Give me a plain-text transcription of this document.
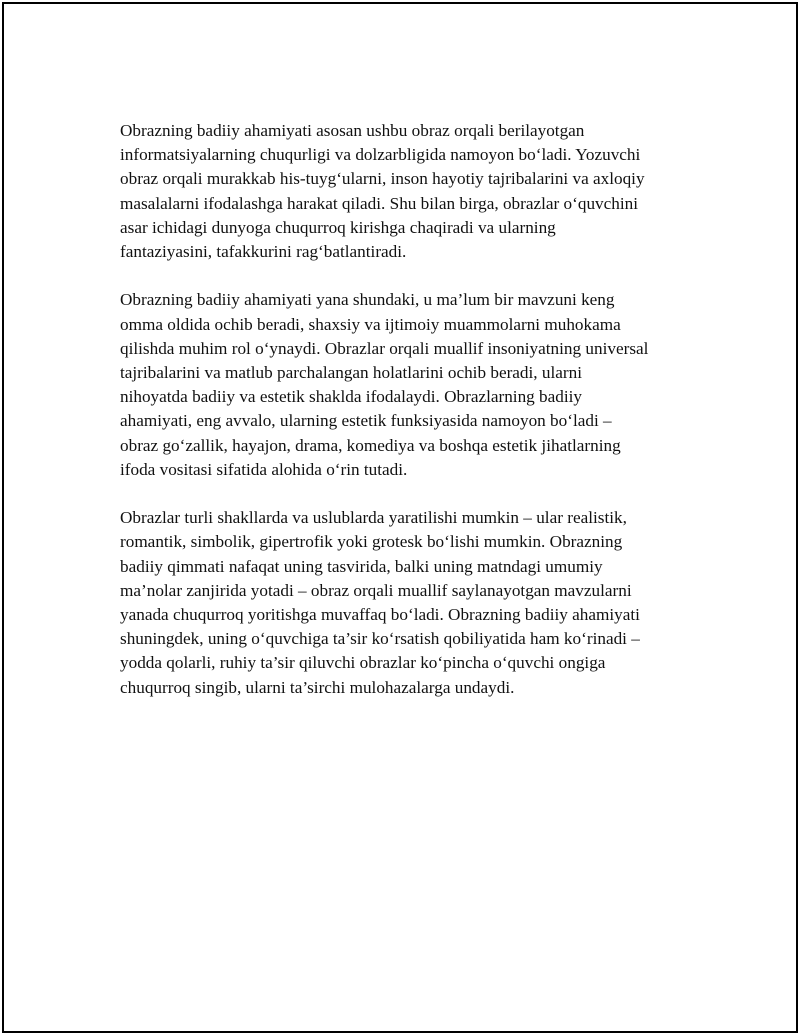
Obrazning badiiy ahamiyati asosan ushbu obraz orqali berilayotgan
informatsiyalarning chuqurligi va dolzarbligida namoyon bo‘ladi. Yozuvchi
obraz orqali murakkab his-tuyg‘ularni, inson hayotiy tajribalarini va axloqiy
masalalarni ifodalashga harakat qiladi. Shu bilan birga, obrazlar o‘quvchini
asar ichidagi dunyoga chuqurroq kirishga chaqiradi va ularning
fantaziyasini, tafakkurini rag‘batlantiradi.

Obrazning badiiy ahamiyati yana shundaki, u ma’lum bir mavzuni keng
omma oldida ochib beradi, shaxsiy va ijtimoiy muammolarni muhokama
qilishda muhim rol o‘ynaydi. Obrazlar orqali muallif insoniyatning universal
tajribalarini va matlub parchalangan holatlarini ochib beradi, ularni
nihoyatda badiiy va estetik shaklda ifodalaydi. Obrazlarning badiiy
ahamiyati, eng avvalo, ularning estetik funksiyasida namoyon bo‘ladi –
obraz go‘zallik, hayajon, drama, komediya va boshqa estetik jihatlarning
ifoda vositasi sifatida alohida o‘rin tutadi.

Obrazlar turli shakllarda va uslublarda yaratilishi mumkin – ular realistik,
romantik, simbolik, gipertrofik yoki grotesk bo‘lishi mumkin. Obrazning
badiiy qimmati nafaqat uning tasvirida, balki uning matndagi umumiy
ma’nolar zanjirida yotadi – obraz orqali muallif saylanayotgan mavzularni
yanada chuqurroq yoritishga muvaffaq bo‘ladi. Obrazning badiiy ahamiyati
shuningdek, uning o‘quvchiga ta’sir ko‘rsatish qobiliyatida ham ko‘rinadi –
yodda qolarli, ruhiy ta’sir qiluvchi obrazlar ko‘pincha o‘quvchi ongiga
chuqurroq singib, ularni ta’sirchi mulohazalarga undaydi.
